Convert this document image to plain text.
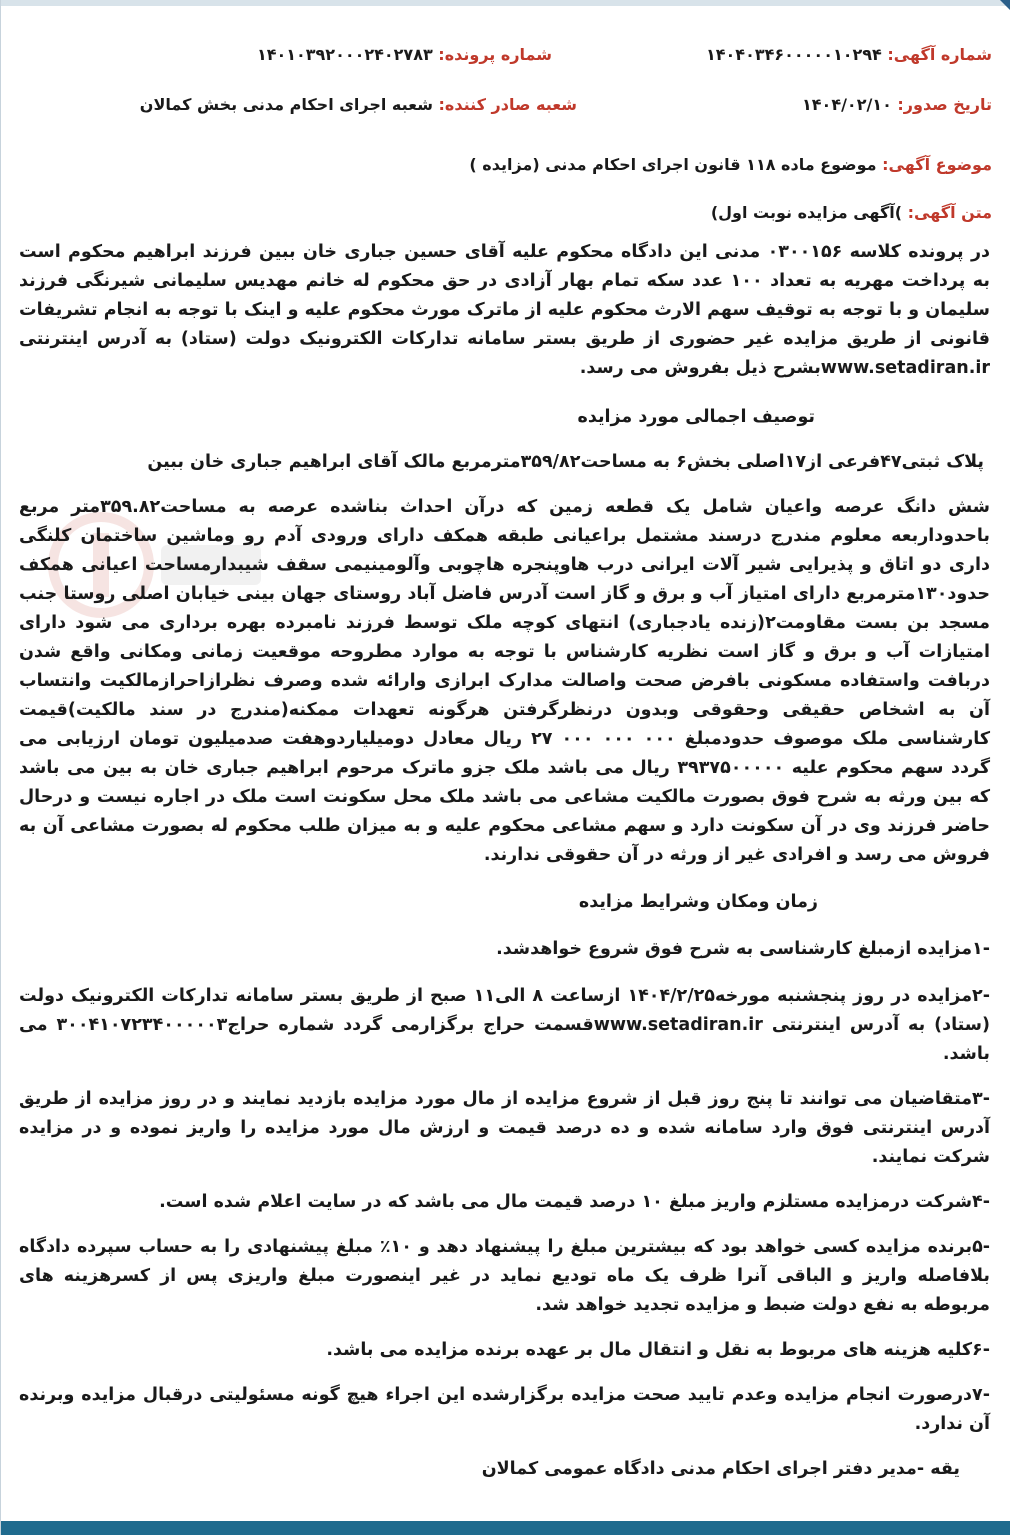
شماره آگهی: ۱۴۰۴۰۳۴۶۰۰۰۰۰۱۰۲۹۴
شماره پرونده: ۱۴۰۱۰۳۹۲۰۰۰۲۴۰۲۷۸۳
تاریخ صدور: ۱۴۰۴/۰۲/۱۰
شعبه صادر کننده: شعبه اجرای احکام مدنی بخش کمالان
موضوع آگهی: موضوع ماده ۱۱۸ قانون اجرای احکام مدنی (مزایده )
متن آگهی: )آگهی مزایده نوبت اول)

در پرونده کلاسه ۰۳۰۰۱۵۶ مدنی این دادگاه محکوم علیه آقای حسین جباری خان ببین فرزند ابراهیم محکوم است به پرداخت مهریه به تعداد ۱۰۰ عدد سکه تمام بهار آزادی در حق محکوم له خانم مهدیس سلیمانی شیرنگی فرزند سلیمان و با توجه به توقیف سهم الارث محکوم علیه از ماترک مورث محکوم علیه و اینک با توجه به انجام تشریفات قانونی از طریق مزایده غیر حضوری از طریق بستر سامانه تدارکات الکترونیک دولت (ستاد) به آدرس اینترنتی www.setadiran.irبشرح ذیل بفروش می رسد.

توصیف اجمالی مورد مزایده

پلاک ثبتی۴۷فرعی از۱۷اصلی بخش۶ به مساحت۳۵۹/۸۲مترمربع مالک آقای ابراهیم جباری خان ببین

شش دانگ عرصه واعیان شامل یک قطعه زمین که درآن احداث بناشده عرصه به مساحت۳۵۹.۸۲متر مربع باحدوداربعه معلوم مندرج درسند مشتمل براعیانی طبقه همکف دارای ورودی آدم رو وماشین ساختمان کلنگی داری دو اتاق و پذیرایی شیر آلات ایرانی درب هاوپنجره هاچوبی وآلومینیمی سقف شیبدارمساحت اعیانی همکف حدود۱۳۰مترمربع دارای امتیاز آب و برق و گاز است آدرس فاضل آباد روستای جهان بینی خیابان اصلی روستا جنب مسجد بن بست مقاومت۲(زنده یادجباری) انتهای کوچه ملک توسط فرزند نامبرده بهره برداری می شود دارای امتیازات آب و برق و گاز است نظریه کارشناس با توجه به موارد مطروحه موقعیت زمانی ومکانی واقع شدن دربافت واستفاده مسکونی بافرض صحت واصالت مدارک ابرازی وارائه شده وصرف نظرازاحرازمالکیت وانتساب آن به اشخاص حقیقی وحقوقی وبدون درنظرگرفتن هرگونه تعهدات ممکنه(مندرج در سند مالکیت)قیمت کارشناسی ملک موصوف حدودمبلغ ۰۰۰ ۰۰۰ ۰۰۰ ۲۷ ریال معادل دومیلیاردوهفت صدمیلیون تومان ارزیابی می گردد سهم محکوم علیه ۳۹۳۷۵۰۰۰۰۰ ریال می باشد ملک جزو ماترک مرحوم ابراهیم جباری خان به بین می باشد که بین ورثه به شرح فوق بصورت مالکیت مشاعی می باشد ملک محل سکونت است ملک در اجاره نیست و درحال حاضر فرزند وی در آن سکونت دارد و سهم مشاعی محکوم علیه و به میزان طلب محکوم له بصورت مشاعی آن به فروش می رسد و افرادی غیر از ورثه در آن حقوقی ندارند.

زمان ومکان وشرایط مزایده

-۱مزایده ازمبلغ کارشناسی به شرح فوق شروع خواهدشد.

-۲مزایده در روز پنجشنبه مورخه۱۴۰۴/۲/۲۵ ازساعت ۸ الی۱۱ صبح از طریق بستر سامانه تدارکات الکترونیک دولت (ستاد) به آدرس اینترنتی www.setadiran.irقسمت حراج برگزارمی گردد شماره حراج۳۰۰۴۱۰۷۲۳۴۰۰۰۰۰۳ می باشد.

-۳متقاضیان می توانند تا پنج روز قبل از شروع مزایده از مال مورد مزایده بازدید نمایند و در روز مزایده از طریق آدرس اینترنتی فوق وارد سامانه شده و ده درصد قیمت و ارزش مال مورد مزایده را واریز نموده و در مزایده شرکت نمایند.

-۴شرکت درمزایده مستلزم واریز مبلغ ۱۰ درصد قیمت مال می باشد که در سایت اعلام شده است.

-۵برنده مزایده کسی خواهد بود که بیشترین مبلغ را پیشنهاد دهد و ۱۰٪ مبلغ پیشنهادی را به حساب سپرده دادگاه بلافاصله واریز و الباقی آنرا ظرف یک ماه تودیع نماید در غیر اینصورت مبلغ واریزی پس از کسرهزینه های مربوطه به نفع دولت ضبط و مزایده تجدید خواهد شد.

-۶کلیه هزینه های مربوط به نقل و انتقال مال بر عهده برنده مزایده می باشد.

-۷درصورت انجام مزایده وعدم تایید صحت مزایده برگزارشده این اجراء هیچ گونه مسئولیتی درقبال مزایده وبرنده آن ندارد.

یقه -مدیر دفتر اجرای احکام مدنی دادگاه عمومی کمالان
